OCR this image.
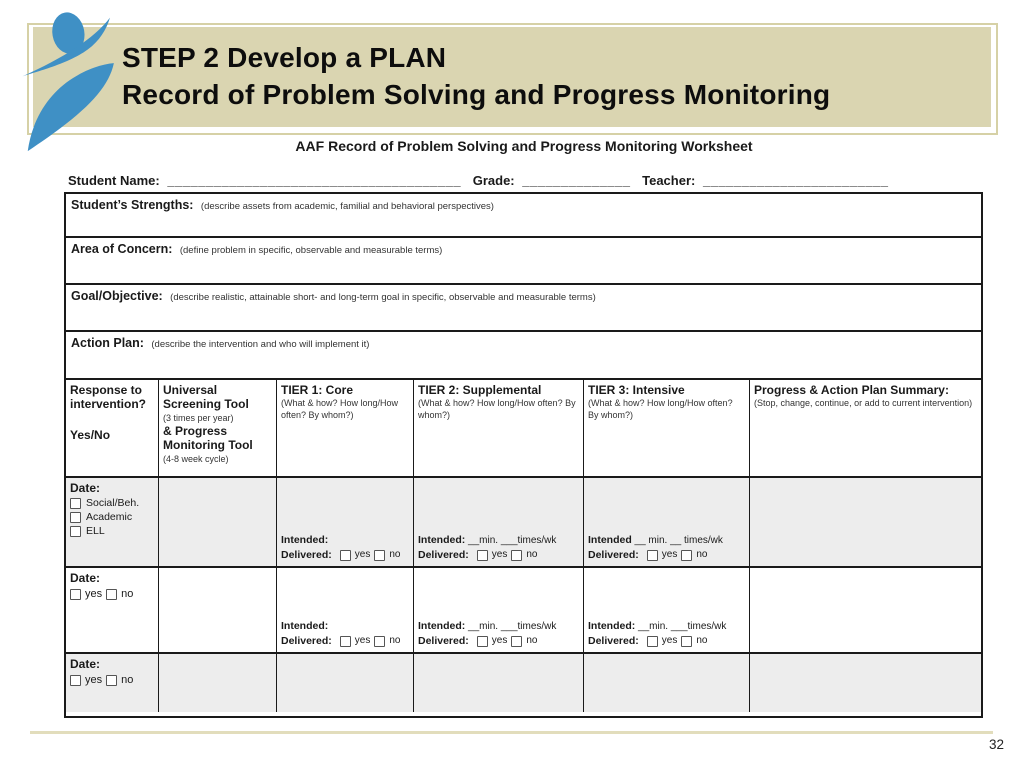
STEP 2 Develop a PLAN
Record of Problem Solving and Progress Monitoring
AAF Record of Problem Solving and Progress Monitoring Worksheet
Student Name: ______________________________________ Grade: ______________ Teacher: ________________________
Student’s Strengths: (describe assets from academic, familial and behavioral perspectives)
Area of Concern: (define problem in specific, observable and measurable terms)
Goal/Objective: (describe realistic, attainable short- and long-term goal in specific, observable and measurable terms)
Action Plan: (describe the intervention and who will implement it)
Response to intervention?
Yes/No
Universal Screening Tool
(3 times per year)
& Progress Monitoring Tool
(4-8 week cycle)
TIER 1: Core
(What & how? How long/How often? By whom?)
TIER 2: Supplemental
(What & how? How long/How often? By whom?)
TIER 3: Intensive
(What & how? How long/How often? By whom?)
Progress & Action Plan Summary:
(Stop, change, continue, or add to current intervention)
Date:
Social/Beh.
Academic
ELL
Intended:
Delivered: yes no
Intended: __min. ___times/wk
Delivered: yes no
Intended __ min. __ times/wk
Delivered: yes no
Date:
yes no
Intended:
Delivered: yes no
Intended: __min. ___times/wk
Delivered: yes no
Intended: __min. ___times/wk
Delivered: yes no
Date:
yes no
32
